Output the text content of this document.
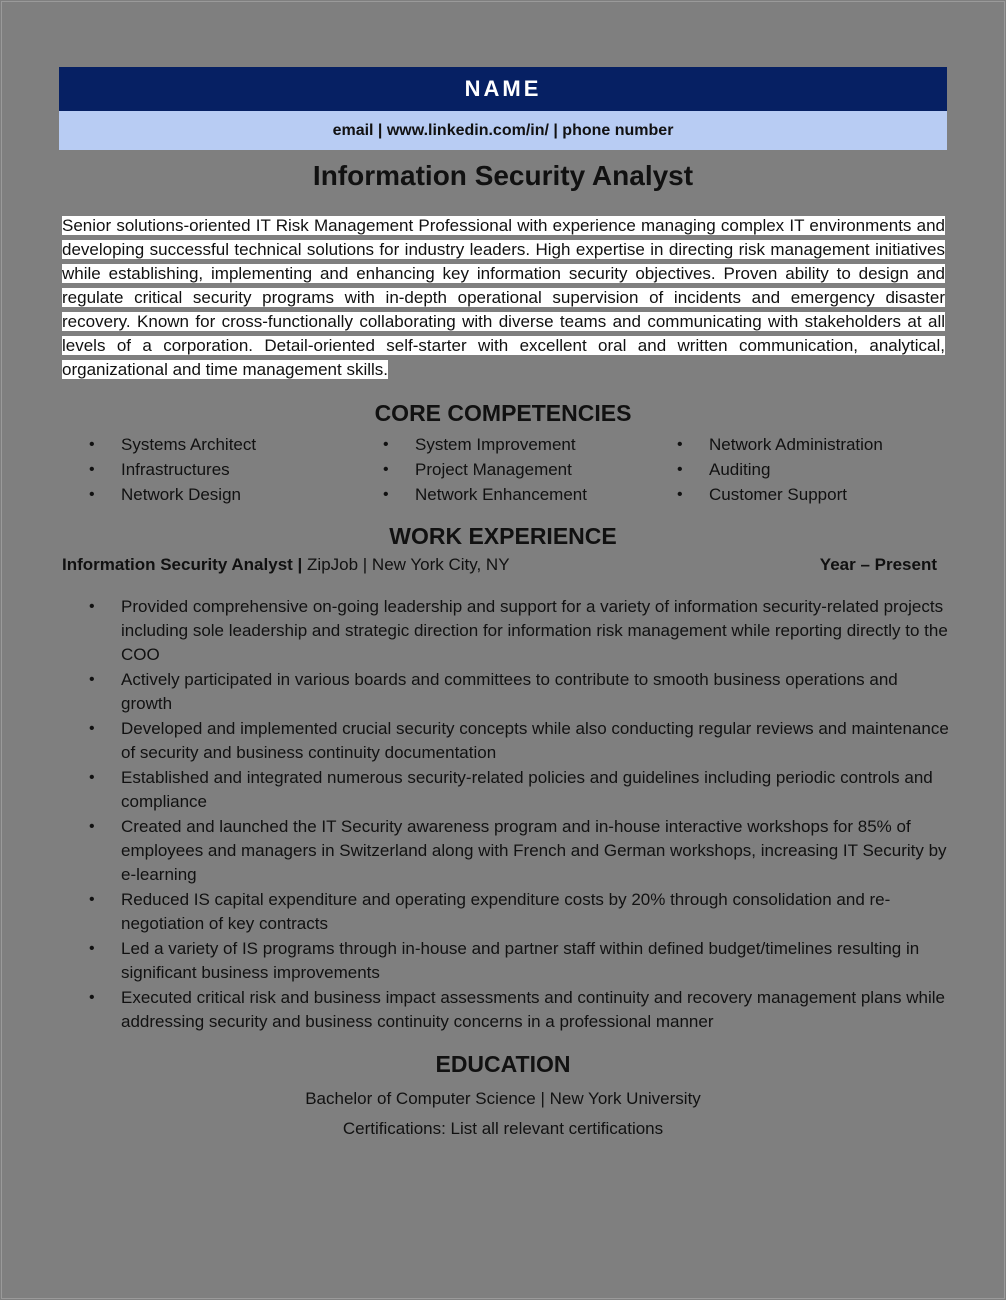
NAME
email | www.linkedin.com/in/ | phone number
Information Security Analyst
Senior solutions-oriented IT Risk Management Professional with experience managing complex IT environments and developing successful technical solutions for industry leaders. High expertise in directing risk management initiatives while establishing, implementing and enhancing key information security objectives. Proven ability to design and regulate critical security programs with in-depth operational supervision of incidents and emergency disaster recovery. Known for cross-functionally collaborating with diverse teams and communicating with stakeholders at all levels of a corporation. Detail-oriented self-starter with excellent oral and written communication, analytical, organizational and time management skills.
CORE COMPETENCIES
• Systems Architect
• Infrastructures
• Network Design
• System Improvement
• Project Management
• Network Enhancement
• Network Administration
• Auditing
• Customer Support
WORK EXPERIENCE
Information Security Analyst | ZipJob | New York City, NY	Year – Present
• Provided comprehensive on-going leadership and support for a variety of information security-related projects including sole leadership and strategic direction for information risk management while reporting directly to the COO
• Actively participated in various boards and committees to contribute to smooth business operations and growth
• Developed and implemented crucial security concepts while also conducting regular reviews and maintenance of security and business continuity documentation
• Established and integrated numerous security-related policies and guidelines including periodic controls and compliance
• Created and launched the IT Security awareness program and in-house interactive workshops for 85% of employees and managers in Switzerland along with French and German workshops, increasing IT Security by e-learning
• Reduced IS capital expenditure and operating expenditure costs by 20% through consolidation and re-negotiation of key contracts
• Led a variety of IS programs through in-house and partner staff within defined budget/timelines resulting in significant business improvements
• Executed critical risk and business impact assessments and continuity and recovery management plans while addressing security and business continuity concerns in a professional manner
EDUCATION
Bachelor of Computer Science | New York University
Certifications: List all relevant certifications
